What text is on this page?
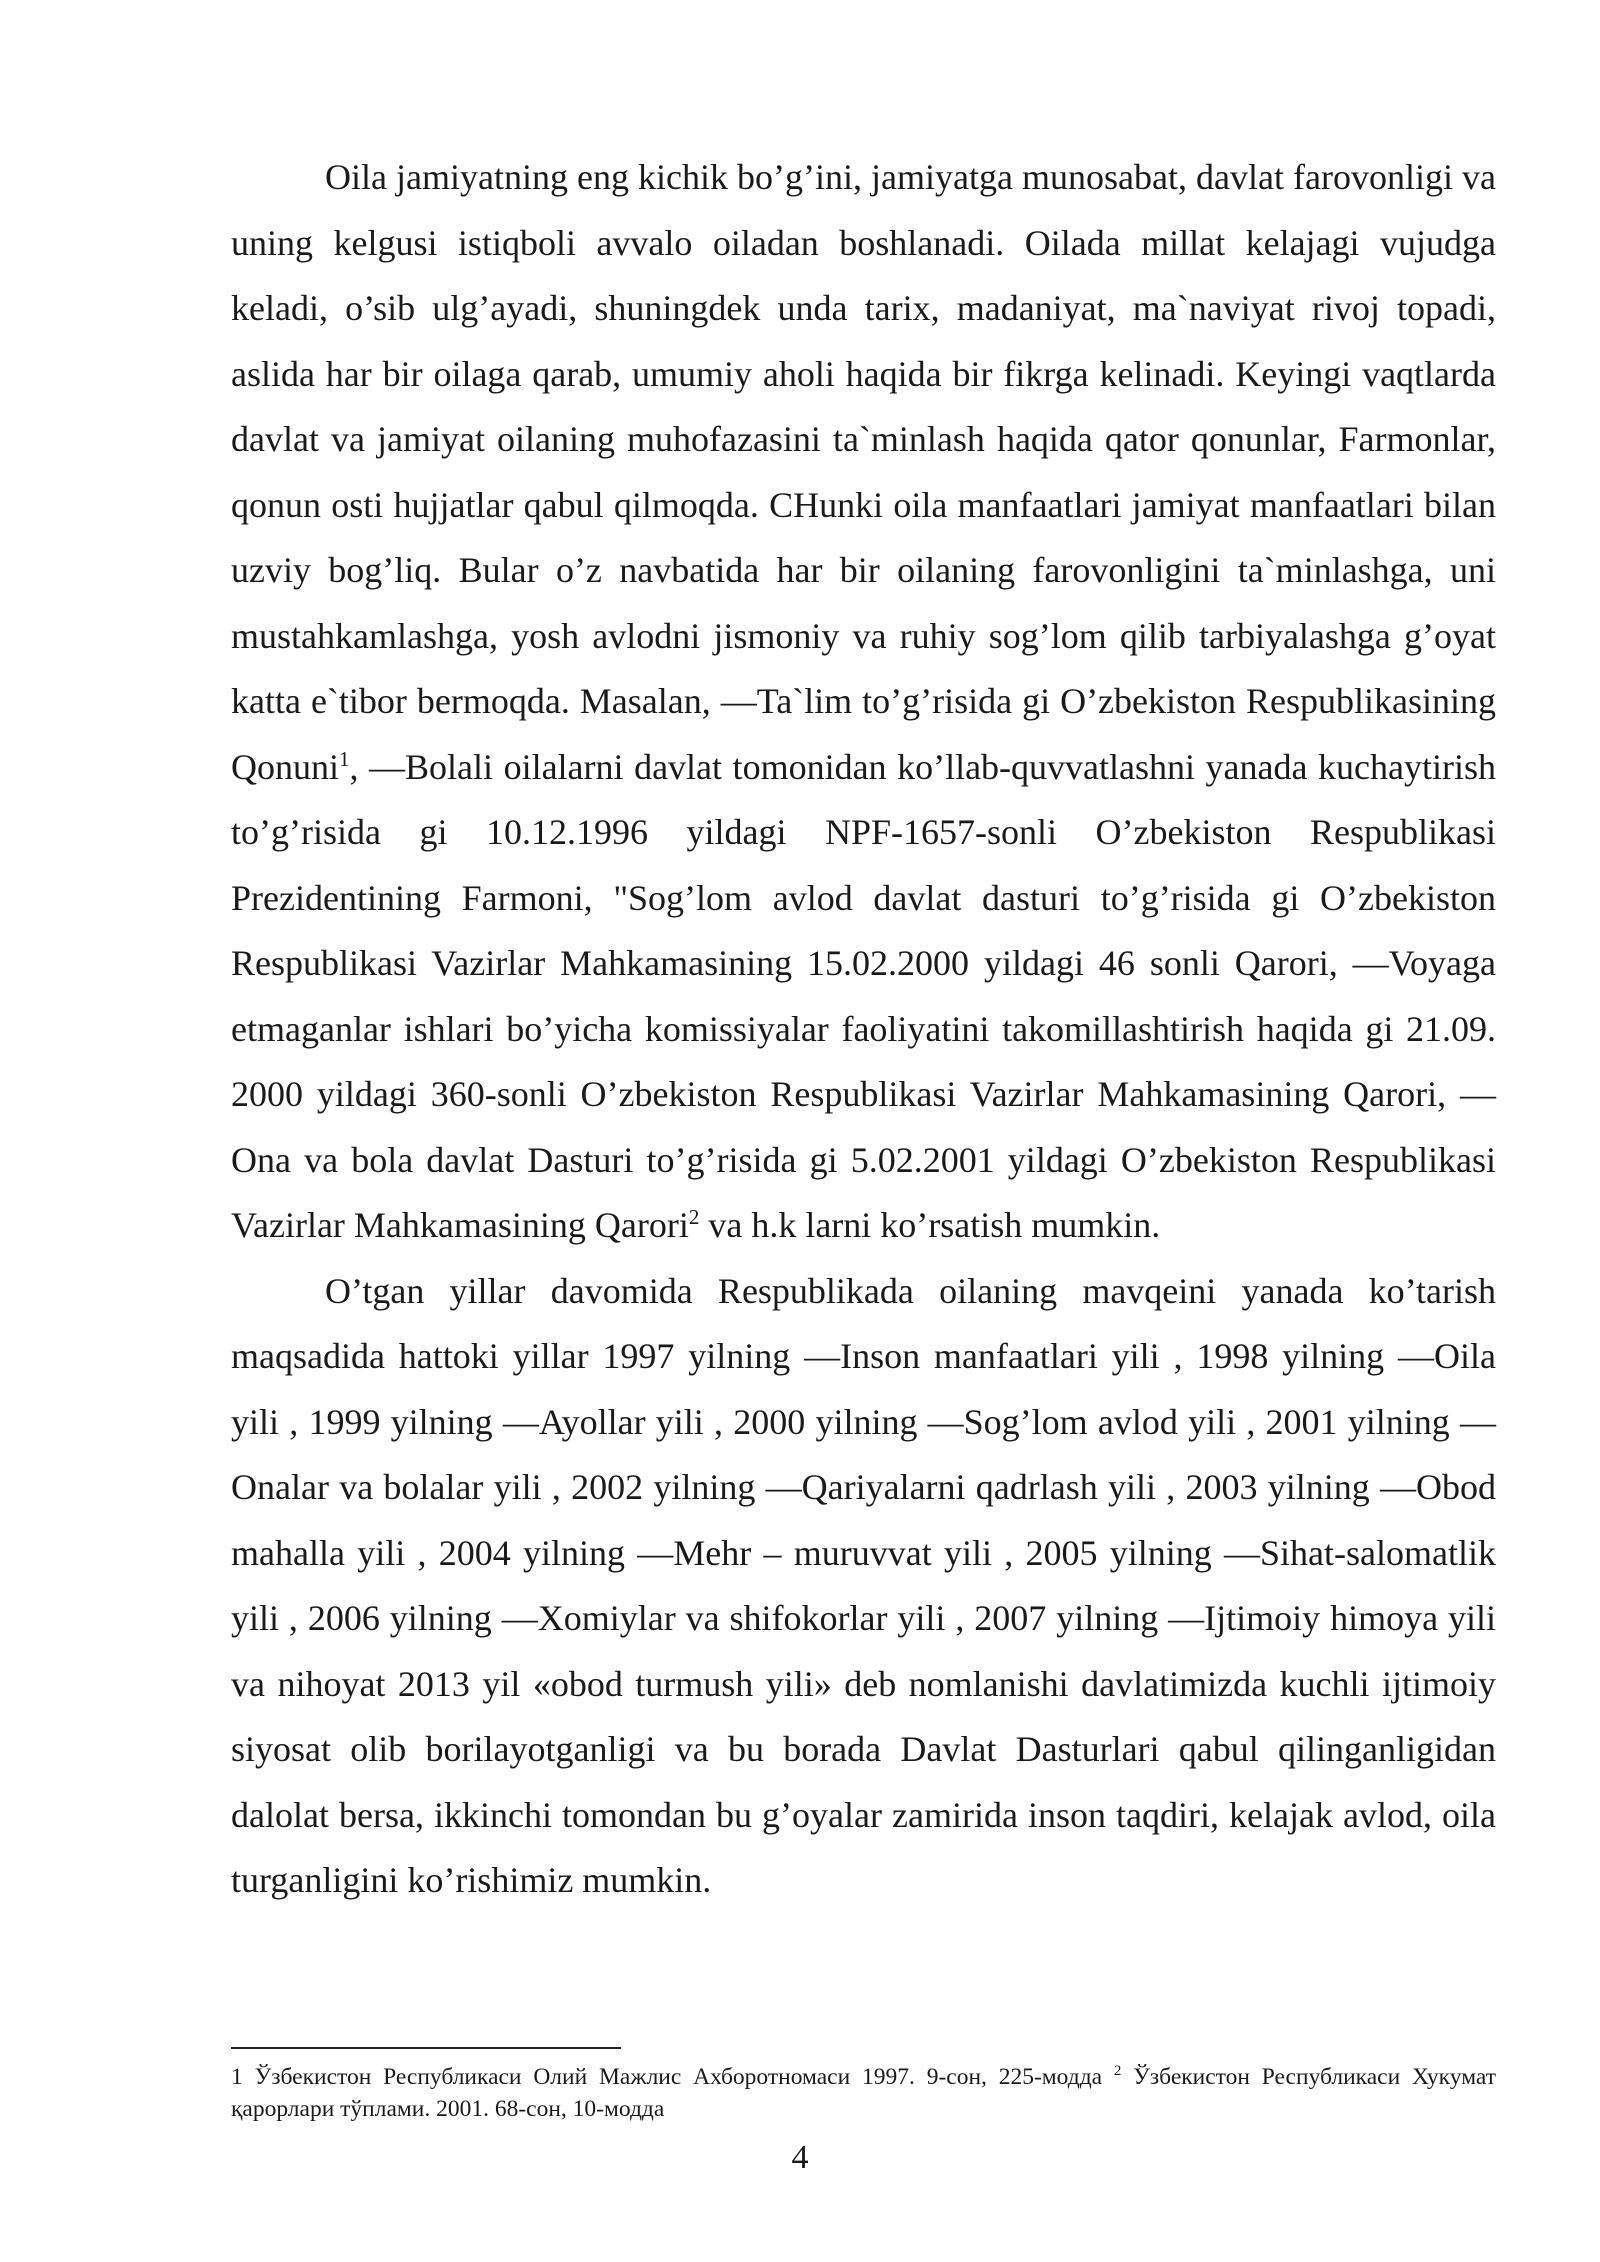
Oila jamiyatning eng kichik bo’g’ini, jamiyatga munosabat, davlat farovonligi va uning kelgusi istiqboli avvalo oiladan boshlanadi. Oilada millat kelajagi vujudga keladi, o’sib ulg’ayadi, shuningdek unda tarix, madaniyat, ma`naviyat rivoj topadi, aslida har bir oilaga qarab, umumiy aholi haqida bir fikrga kelinadi. Keyingi vaqtlarda davlat va jamiyat oilaning muhofazasini ta`minlash haqida qator qonunlar, Farmonlar, qonun osti hujjatlar qabul qilmoqda. CHunki oila manfaatlari jamiyat manfaatlari bilan uzviy bog’liq. Bular o’z navbatida har bir oilaning farovonligini ta`minlashga, uni mustahkamlashga, yosh avlodni jismoniy va ruhiy sog’lom qilib tarbiyalashga g’oyat katta e`tibor bermoqda. Masalan, —Ta`lim to’g’risida gi O’zbekiston Respublikasining Qonuni$^1$, —Bolali oilalarni davlat tomonidan ko’llab-quvvatlashni yanada kuchaytirish to’g’risida gi 10.12.1996 yildagi NPF-1657-sonli O’zbekiston Respublikasi Prezidentining Farmoni, "Sog’lom avlod davlat dasturi to’g’risida gi O’zbekiston Respublikasi Vazirlar Mahkamasining 15.02.2000 yildagi 46 sonli Qarori, —Voyaga etmaganlar ishlari bo’yicha komissiyalar faoliyatini takomillashtirish haqida gi 21.09. 2000 yildagi 360-sonli O’zbekiston Respublikasi Vazirlar Mahkamasining Qarori, —Ona va bola davlat Dasturi to’g’risida gi 5.02.2001 yildagi O’zbekiston Respublikasi Vazirlar Mahkamasining Qarori$^2$ va h.k larni ko’rsatish mumkin.

O’tgan yillar davomida Respublikada oilaning mavqeini yanada ko’tarish maqsadida hattoki yillar 1997 yilning —Inson manfaatlari yili , 1998 yilning —Oila yili , 1999 yilning —Ayollar yili , 2000 yilning —Sog’lom avlod yili , 2001 yilning —Onalar va bolalar yili , 2002 yilning —Qariyalarni qadrlash yili , 2003 yilning —Obod mahalla yili , 2004 yilning —Mehr – muruvvat yili , 2005 yilning —Sihat-salomatlik yili , 2006 yilning —Xomiylar va shifokorlar yili , 2007 yilning —Ijtimoiy himoya yili va nihoyat 2013 yil «obod turmush yili» deb nomlanishi davlatimizda kuchli ijtimoiy siyosat olib borilayotganligi va bu borada Davlat Dasturlari qabul qilinganligidan dalolat bersa, ikkinchi tomondan bu g’oyalar zamirida inson taqdiri, kelajak avlod, oila turganligini ko’rishimiz mumkin.

1 Ўзбекистон Республикаси Олий Мажлис Ахборотномаси 1997. 9-сон, 225-модда $^2$ Ўзбекистон Республикаси Хукумат қарорлари тўплами. 2001. 68-сон, 10-модда

4
